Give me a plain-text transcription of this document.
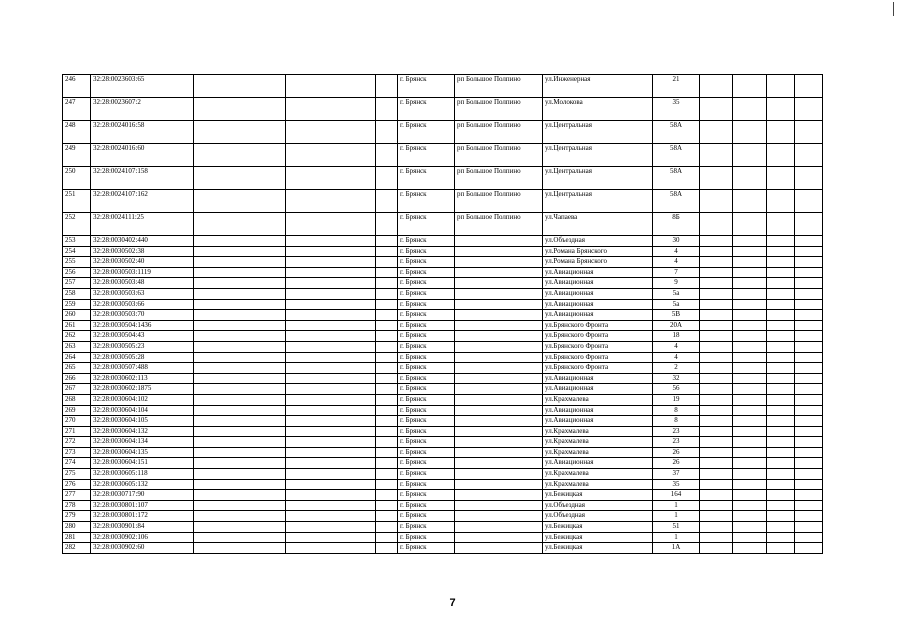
246	32:28:0023603:65				г. Брянск	рп Большое Полпино	ул.Инженерная	21				
247	32:28:0023607:2				г. Брянск	рп Большое Полпино	ул.Молокова	35				
248	32:28:0024016:58				г. Брянск	рп Большое Полпино	ул.Центральная	58А				
249	32:28:0024016:60				г. Брянск	рп Большое Полпино	ул.Центральная	58А				
250	32:28:0024107:158				г. Брянск	рп Большое Полпино	ул.Центральная	58А				
251	32:28:0024107:162				г. Брянск	рп Большое Полпино	ул.Центральная	58А				
252	32:28:0024111:25				г. Брянск	рп Большое Полпино	ул.Чапаева	8Б				
253	32:28:0030402:440				г. Брянск		ул.Объездная	30				
254	32:28:0030502:38				г. Брянск		ул.Романа Брянского	4				
255	32:28:0030502:40				г. Брянск		ул.Романа Брянского	4				
256	32:28:0030503:1119				г. Брянск		ул.Авиационная	7				
257	32:28:0030503:48				г. Брянск		ул.Авиационная	9				
258	32:28:0030503:63				г. Брянск		ул.Авиационная	5а				
259	32:28:0030503:66				г. Брянск		ул.Авиационная	5а				
260	32:28:0030503:70				г. Брянск		ул.Авиационная	5В				
261	32:28:0030504:1436				г. Брянск		ул.Брянского Фронта	20А				
262	32:28:0030504:43				г. Брянск		ул.Брянского Фронта	18				
263	32:28:0030505:23				г. Брянск		ул.Брянского Фронта	4				
264	32:28:0030505:28				г. Брянск		ул.Брянского Фронта	4				
265	32:28:0030507:488				г. Брянск		ул.Брянского Фронта	2				
266	32:28:0030602:113				г. Брянск		ул.Авиационная	32				
267	32:28:0030602:1875				г. Брянск		ул.Авиационная	56				
268	32:28:0030604:102				г. Брянск		ул.Крахмалева	19				
269	32:28:0030604:104				г. Брянск		ул.Авиационная	8				
270	32:28:0030604:105				г. Брянск		ул.Авиационная	8				
271	32:28:0030604:132				г. Брянск		ул.Крахмалева	23				
272	32:28:0030604:134				г. Брянск		ул.Крахмалева	23				
273	32:28:0030604:135				г. Брянск		ул.Крахмалева	26				
274	32:28:0030604:151				г. Брянск		ул.Авиационная	26				
275	32:28:0030605:118				г. Брянск		ул.Крахмалева	37				
276	32:28:0030605:132				г. Брянск		ул.Крахмалева	35				
277	32:28:0030717:90				г. Брянск		ул.Бежицкая	164				
278	32:28:0030801:107				г. Брянск		ул.Объездная	1				
279	32:28:0030801:172				г. Брянск		ул.Объездная	1				
280	32:28:0030901:84				г. Брянск		ул.Бежицкая	51				
281	32:28:0030902:106				г. Брянск		ул.Бежицкая	1				
282	32:28:0030902:60				г. Брянск		ул.Бежицкая	1А				
7
